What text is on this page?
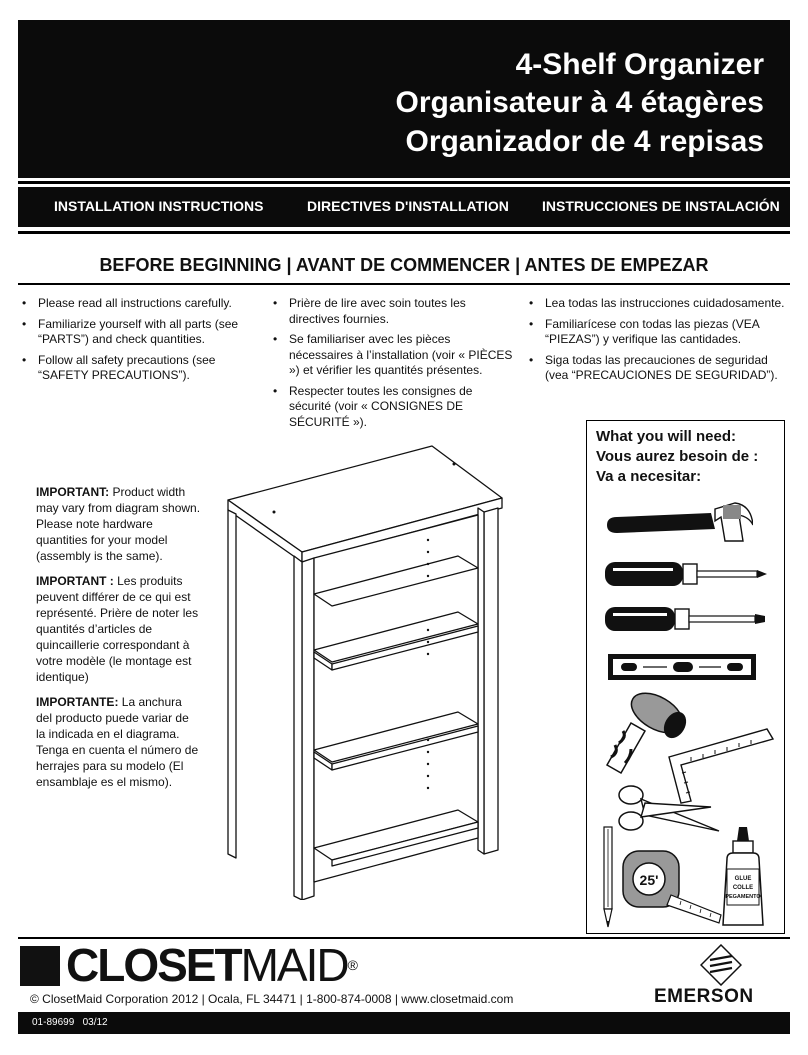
4-Shelf Organizer
Organisateur à 4 étagères
Organizador de 4 repisas
INSTALLATION INSTRUCTIONS	DIRECTIVES D'INSTALLATION INSTRUCCIONES DE INSTALACIÓN
BEFORE BEGINNING | AVANT DE COMMENCER | ANTES DE EMPEZAR
• Please read all instructions carefully.
• Familiarize yourself with all parts (see “PARTS”) and check quantities.
• Follow all safety precautions (see “SAFETY PRECAUTIONS”).
• Prière de lire avec soin toutes les directives fournies.
• Se familiariser avec les pièces nécessaires à l’installation (voir « PIÈCES ») et vérifier les quantités présentes.
• Respecter toutes les consignes de sécurité (voir « CONSIGNES DE SÉCURITÉ »).
• Lea todas las instrucciones cuidadosamente.
• Familiarícese con todas las piezas (VEA “PIEZAS”) y verifique las cantidades.
• Siga todas las precauciones de seguridad (vea “PRECAUCIONES DE SEGURIDAD”).

IMPORTANT: Product width may vary from diagram shown. Please note hardware quantities for your model (assembly is the same).

IMPORTANT : Les produits peuvent différer de ce qui est représenté. Prière de noter les quantités d’articles de quincaillerie correspondant à votre modèle (le montage est identique)

IMPORTANTE: La anchura del producto puede variar de la indicada en el diagrama. Tenga en cuenta el número de herrajes para su modelo (El ensamblaje es el mismo).

What you will need:
Vous aurez besoin de :
Va a necesitar:
25'	GLUE
COLLE
PEGAMENTO
CLOSETMAID®
EMERSON
© ClosetMaid Corporation 2012 | Ocala, FL 34471 | 1-800-874-0008 | www.closetmaid.com
01-89699   03/12
